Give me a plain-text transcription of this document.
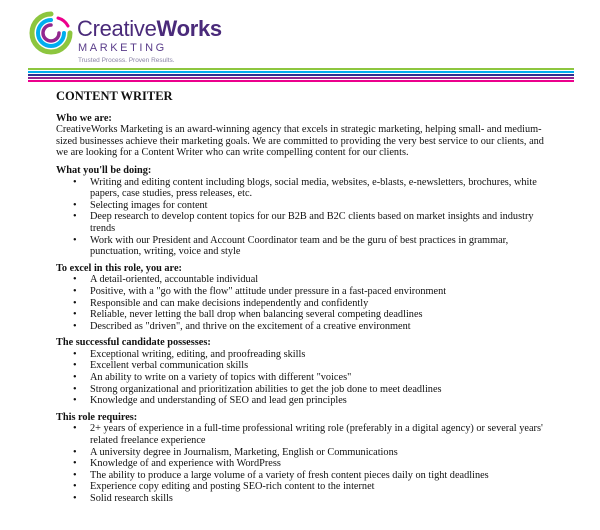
CreativeWorks
MARKETING
Trusted Process. Proven Results.
CONTENT WRITER
Who we are:

CreativeWorks Marketing is an award-winning agency that excels in strategic marketing, helping small- and medium-sized businesses achieve their marketing goals. We are committed to providing the very best service to our clients, and we are looking for a Content Writer who can write compelling content for our clients.

What you'll be doing:
• Writing and editing content including blogs, social media, websites, e-blasts, e-newsletters, brochures, white papers, case studies, press releases, etc.
• Selecting images for content
• Deep research to develop content topics for our B2B and B2C clients based on market insights and industry trends
• Work with our President and Account Coordinator team and be the guru of best practices in grammar, punctuation, writing, voice and style
To excel in this role, you are:
• A detail-oriented, accountable individual
• Positive, with a "go with the flow" attitude under pressure in a fast-paced environment
• Responsible and can make decisions independently and confidently
• Reliable, never letting the ball drop when balancing several competing deadlines
• Described as "driven", and thrive on the excitement of a creative environment
The successful candidate possesses:
• Exceptional writing, editing, and proofreading skills
• Excellent verbal communication skills
• An ability to write on a variety of topics with different "voices"
• Strong organizational and prioritization abilities to get the job done to meet deadlines
• Knowledge and understanding of SEO and lead gen principles
This role requires:
• 2+ years of experience in a full-time professional writing role (preferably in a digital agency) or several years' related freelance experience
• A university degree in Journalism, Marketing, English or Communications
• Knowledge of and experience with WordPress
• The ability to produce a large volume of a variety of fresh content pieces daily on tight deadlines
• Experience copy editing and posting SEO-rich content to the internet
• Solid research skills
